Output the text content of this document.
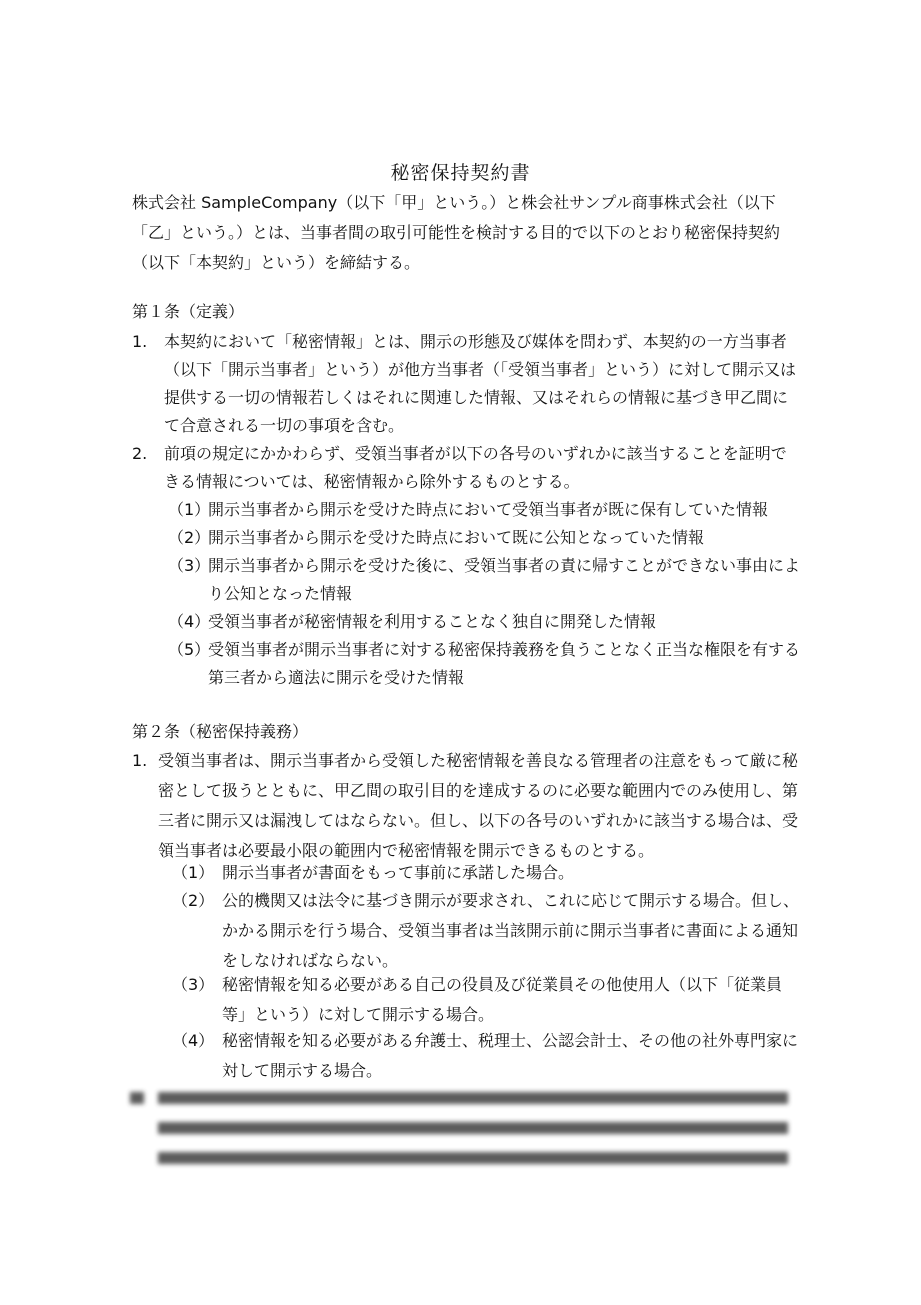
秘密保持契約書
株式会社 SampleCompany（以下「甲」という。）と株会社サンプル商事株式会社（以下「乙」という。）とは、当事者間の取引可能性を検討する目的で以下のとおり秘密保持契約（以下「本契約」という）を締結する。
第１条（定義）
1.	本契約において「秘密情報」とは、開示の形態及び媒体を問わず、本契約の一方当事者（以下「開示当事者」という）が他方当事者（「受領当事者」という）に対して開示又は提供する一切の情報若しくはそれに関連した情報、又はそれらの情報に基づき甲乙間にて合意される一切の事項を含む。
2.	前項の規定にかかわらず、受領当事者が以下の各号のいずれかに該当することを証明できる情報については、秘密情報から除外するものとする。
（1）
開示当事者から開示を受けた時点において受領当事者が既に保有していた情報
（2）
開示当事者から開示を受けた時点において既に公知となっていた情報
（3）
開示当事者から開示を受けた後に、受領当事者の責に帰すことができない事由により公知となった情報
（4）
受領当事者が秘密情報を利用することなく独自に開発した情報
（5）
受領当事者が開示当事者に対する秘密保持義務を負うことなく正当な権限を有する第三者から適法に開示を受けた情報
第２条（秘密保持義務）
1. 受領当事者は、開示当事者から受領した秘密情報を善良なる管理者の注意をもって厳に秘密として扱うとともに、甲乙間の取引目的を達成するのに必要な範囲内でのみ使用し、第三者に開示又は漏洩してはならない。但し、以下の各号のいずれかに該当する場合は、受領当事者は必要最小限の範囲内で秘密情報を開示できるものとする。
（1） 開示当事者が書面をもって事前に承諾した場合。
（2） 公的機関又は法令に基づき開示が要求され、これに応じて開示する場合。但し、かかる開示を行う場合、受領当事者は当該開示前に開示当事者に書面による通知をしなければならない。
（3） 秘密情報を知る必要がある自己の役員及び従業員その他使用人（以下「従業員等」という）に対して開示する場合。
（4） 秘密情報を知る必要がある弁護士、税理士、公認会計士、その他の社外専門家に対して開示する場合。
